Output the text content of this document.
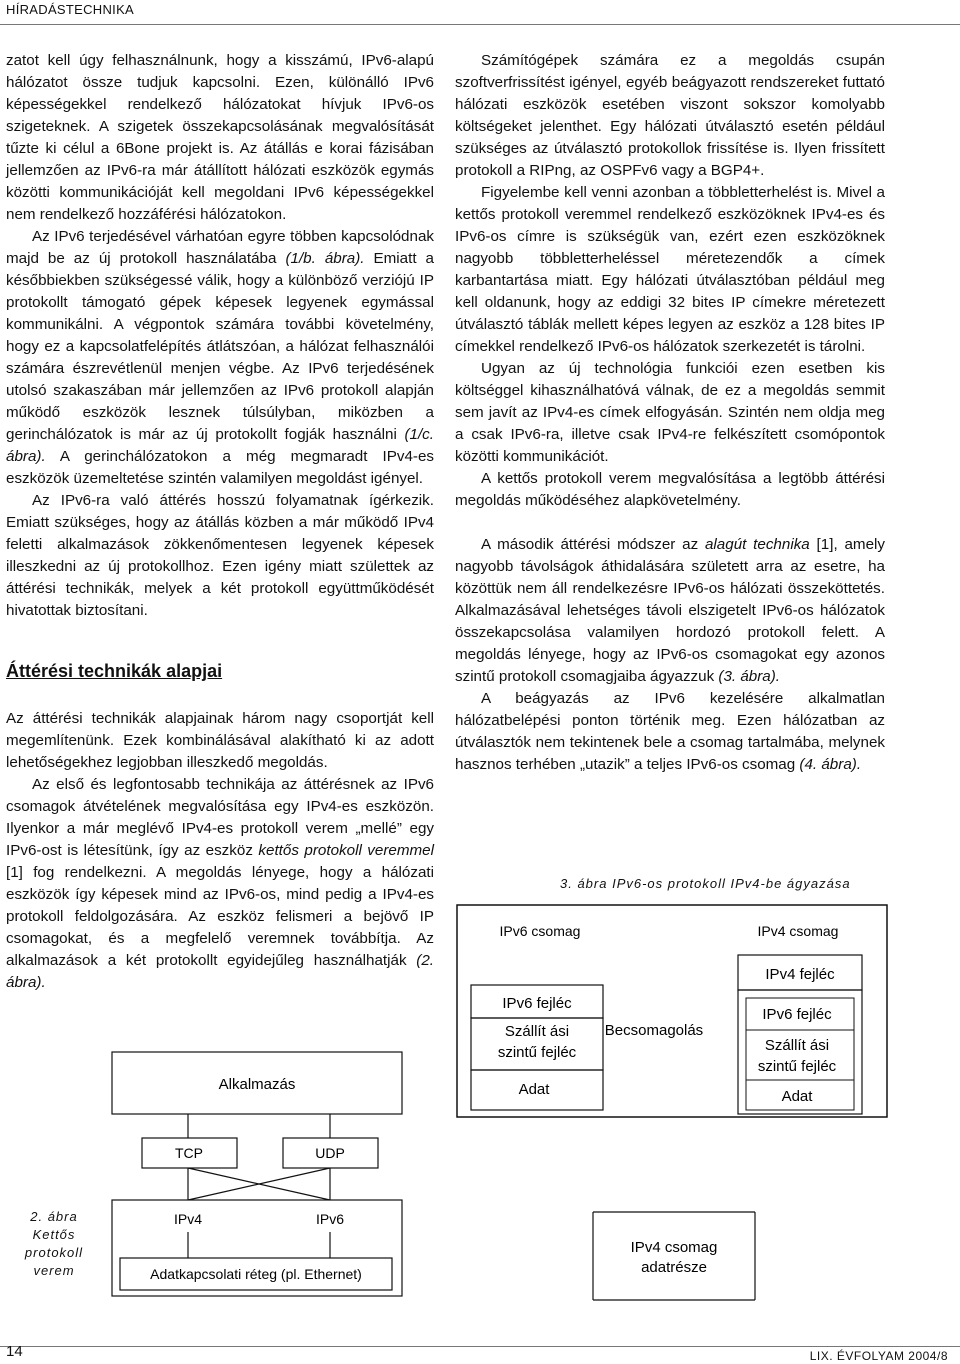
HÍRADÁSTECHNIKA

zatot kell úgy felhasználnunk, hogy a kisszámú, IPv6-alapú hálózatot össze tudjuk kapcsolni. Ezen, különálló IPv6 képességekkel rendelkező hálózatokat hívjuk IPv6-os szigeteknek. A szigetek összekapcsolásának megvalósítását tűzte ki célul a 6Bone projekt is. Az átállás e korai fázisában jellemzően az IPv6-ra már átállított hálózati eszközök egymás közötti kommunikációját kell megoldani IPv6 képességekkel nem rendelkező hozzáférési hálózatokon.

Az IPv6 terjedésével várhatóan egyre többen kapcsolódnak majd be az új protokoll használatába (1/b. ábra). Emiatt a későbbiekben szükségessé válik, hogy a különböző verziójú IP protokollt támogató gépek képesek legyenek egymással kommunikálni. A végpontok számára további követelmény, hogy ez a kapcsolatfelépítés átlátszóan, a hálózat felhasználói számára észrevétlenül menjen végbe. Az IPv6 terjedésének utolsó szakaszában már jellemzően az IPv6 protokoll alapján működő eszközök lesznek túlsúlyban, miközben a gerinchálózatok is már az új protokollt fogják használni (1/c. ábra). A gerinchálózatokon a még megmaradt IPv4-es eszközök üzemeltetése szintén valamilyen megoldást igényel.

Az IPv6-ra való áttérés hosszú folyamatnak ígérkezik. Emiatt szükséges, hogy az átállás közben a már működő IPv4 feletti alkalmazások zökkenőmentesen legyenek képesek illeszkedni az új protokollhoz. Ezen igény miatt születtek az áttérési technikák, melyek a két protokoll együttműködését hivatottak biztosítani.

Áttérési technikák alapjai

Az áttérési technikák alapjainak három nagy csoportját kell megemlítenünk. Ezek kombinálásával alakítható ki az adott lehetőségekhez legjobban illeszkedő megoldás.

Az első és legfontosabb technikája az áttérésnek az IPv6 csomagok átvételének megvalósítása egy IPv4-es eszközön. Ilyenkor a már meglévő IPv4-es protokoll verem „mellé” egy IPv6-ost is létesítünk, így az eszköz kettős protokoll veremmel [1] fog rendelkezni. A megoldás lényege, hogy a hálózati eszközök így képesek mind az IPv6-os, mind pedig a IPv4-es protokoll feldolgozására. Az eszköz felismeri a bejövő IP csomagokat, és a megfelelő veremnek továbbítja. Az alkalmazások a két protokollt egyidejűleg használhatják (2. ábra).

Számítógépek számára ez a megoldás csupán szoftverfrissítést igényel, egyéb beágyazott rendszereket futtató hálózati eszközök esetében viszont sokszor komolyabb költségeket jelenthet. Egy hálózati útválasztó esetén például szükséges az útválasztó protokollok frissítése is. Ilyen frissített protokoll a RIPng, az OSPFv6 vagy a BGP4+.

Figyelembe kell venni azonban a többletterhelést is. Mivel a kettős protokoll veremmel rendelkező eszközöknek IPv4-es és IPv6-os címre is szükségük van, ezért ezen eszközöknek nagyobb többletterheléssel méretezendők a címek karbantartása miatt. Egy hálózati útválasztóban például meg kell oldanunk, hogy az eddigi 32 bites IP címekre méretezett útválasztó táblák mellett képes legyen az eszköz a 128 bites IP címekkel rendelkező IPv6-os hálózatok szerkezetét is tárolni.

Ugyan az új technológia funkciói ezen esetben kis költséggel kihasználhatóvá válnak, de ez a megoldás semmit sem javít az IPv4-es címek elfogyásán. Szintén nem oldja meg a csak IPv6-ra, illetve csak IPv4-re felkészített csomópontok közötti kommunikációt.

A kettős protokoll verem megvalósítása a legtöbb áttérési megoldás működéséhez alapkövetelmény.

A második áttérési módszer az alagút technika [1], amely nagyobb távolságok áthidalására született arra az esetre, ha közöttük nem áll rendelkezésre IPv6-os hálózati összeköttetés. Alkalmazásával lehetséges távoli elszigetelt IPv6-os hálózatok összekapcsolása valamilyen hordozó protokoll felett. A megoldás lényege, hogy az IPv6-os csomagokat egy azonos szintű protokoll csomagjaiba ágyazzuk (3. ábra).

A beágyazás az IPv6 kezelésére alkalmatlan hálózatbelépési ponton történik meg. Ezen hálózatban az útválasztók nem tekintenek bele a csomag tartalmába, melynek hasznos terhében „utazik” a teljes IPv6-os csomag (4. ábra).

3. ábra IPv6-os protokoll IPv4-be ágyazása
IPv6 csomag	IPv4 csomag
IPv6 fejléc
Szállít ási
szintű fejléc
Adat
Becsomagolás
IPv4 fejléc
IPv6 fejléc
Szállít ási
szintű fejléc
Adat
IPv4 csomag
adatrésze
2. ábra
Kettős
protokoll
verem
Alkalmazás
TCP	UDP
IPv4	IPv6
Adatkapcsolati réteg (pl. Ethernet)
14	LIX. ÉVFOLYAM 2004/8
